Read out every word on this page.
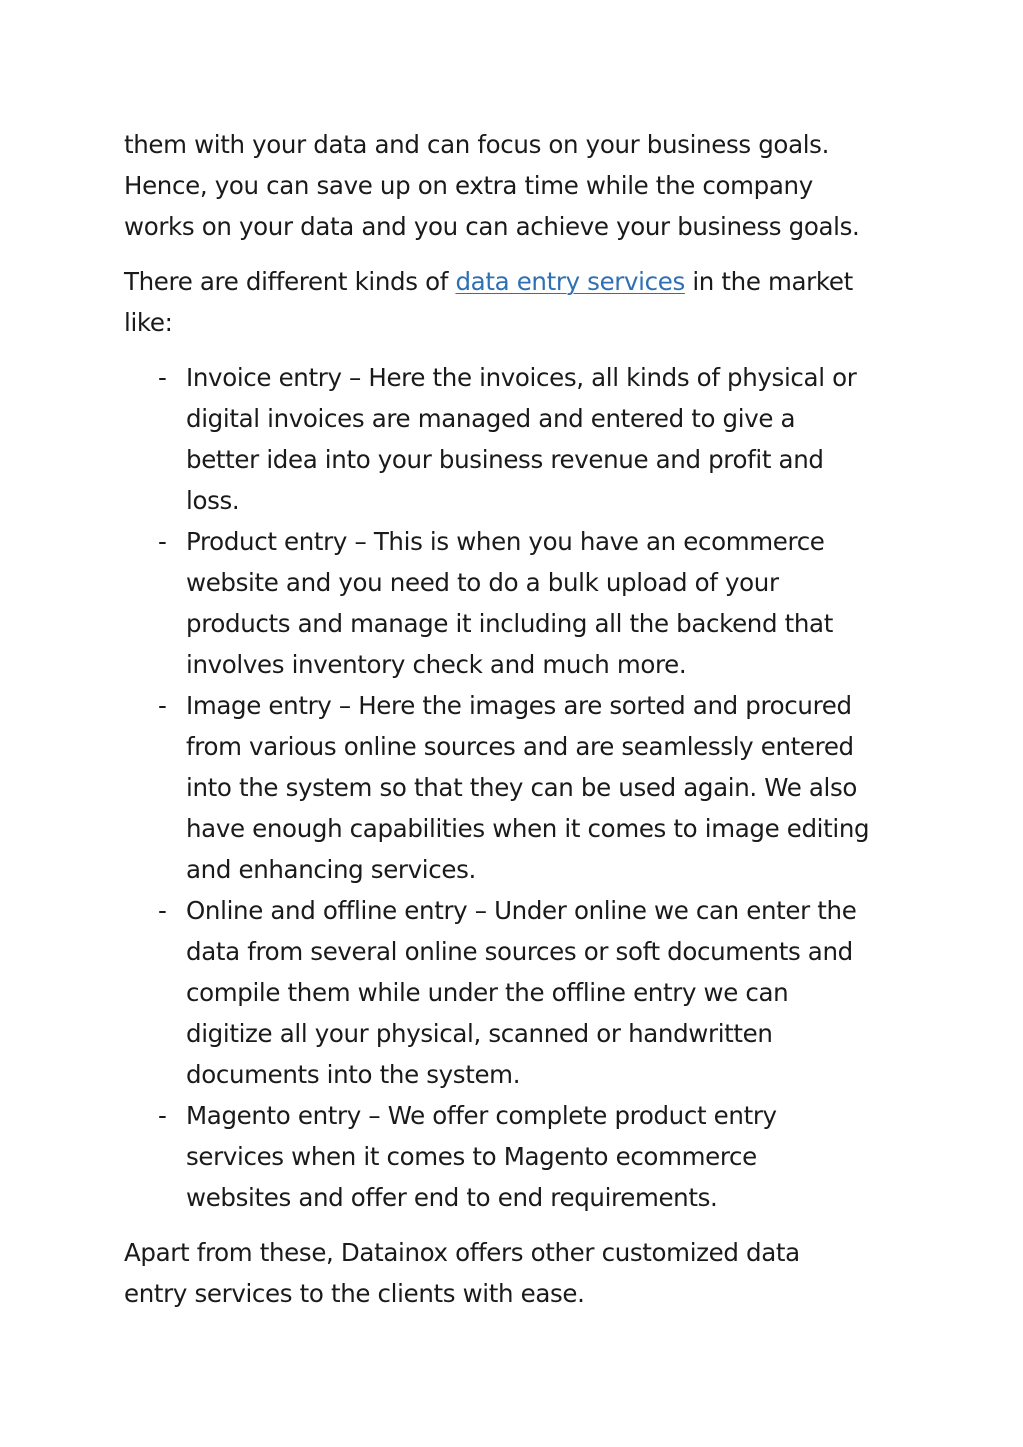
them with your data and can focus on your business goals.
Hence, you can save up on extra time while the company
works on your data and you can achieve your business goals.
There are different kinds of data entry services in the market
like:
- Invoice entry – Here the invoices, all kinds of physical or
digital invoices are managed and entered to give a
better idea into your business revenue and profit and
loss.
- Product entry – This is when you have an ecommerce
website and you need to do a bulk upload of your
products and manage it including all the backend that
involves inventory check and much more.
- Image entry – Here the images are sorted and procured
from various online sources and are seamlessly entered
into the system so that they can be used again. We also
have enough capabilities when it comes to image editing
and enhancing services.
- Online and offline entry – Under online we can enter the
data from several online sources or soft documents and
compile them while under the offline entry we can
digitize all your physical, scanned or handwritten
documents into the system.
- Magento entry – We offer complete product entry
services when it comes to Magento ecommerce
websites and offer end to end requirements.
Apart from these, Datainox offers other customized data
entry services to the clients with ease.
